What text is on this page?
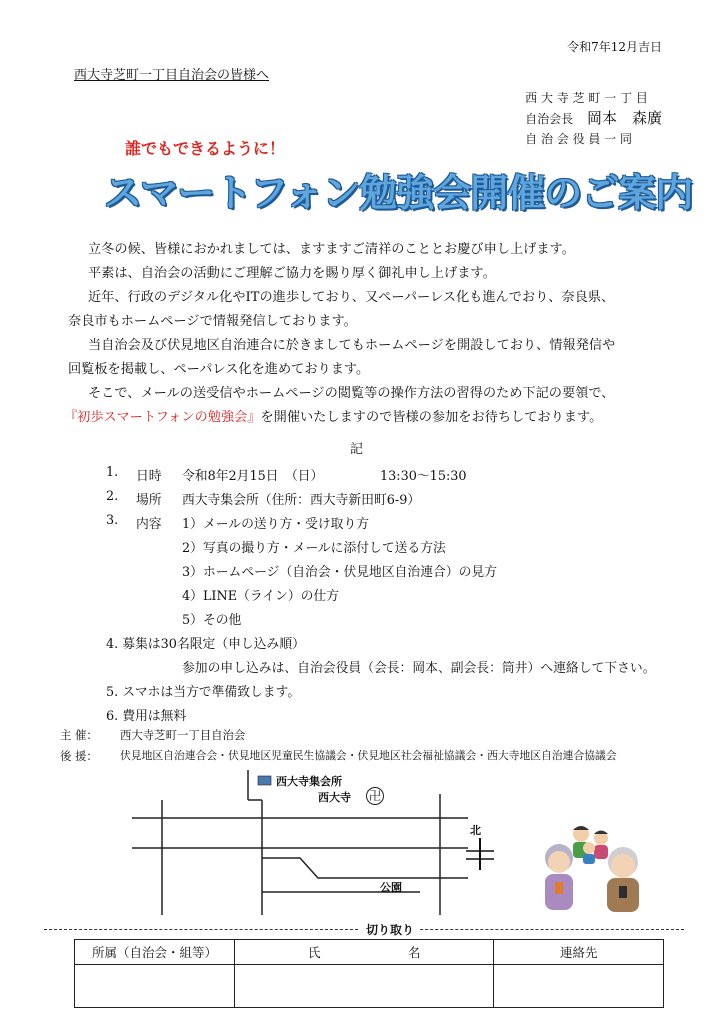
令和7年12月吉日
西大寺芝町一丁目自治会の皆様へ
西 大 寺 芝 町 一 丁 目
自治会長 岡本　森廣
自 治 会 役 員 一 同
誰でもできるように！
スマートフォン勉強会開催のご案内

立冬の候、皆様におかれましては、ますますご清祥のこととお慶び申し上げます。

平素は、自治会の活動にご理解ご協力を賜り厚く御礼申し上げます。

近年、行政のデジタル化やITの進歩しており、又ペーパーレス化も進んでおり、奈良県、

奈良市もホームページで情報発信しております。

当自治会及び伏見地区自治連合に於きましてもホームページを開設しており、情報発信や

回覧板を掲載し、ペーパレス化を進めております。

そこで、メールの送受信やホームページの閲覧等の操作方法の習得のため下記の要領で、

『初歩スマートフォンの勉強会』を開催いたしますので皆様の参加をお待ちしております。

記
1. 日時 令和8年2月15日　（日）	13:30～15:30
2. 場所 西大寺集会所（住所：西大寺新田町6-9）
3. 内容 1）メールの送り方・受け取り方
2）写真の撮り方・メールに添付して送る方法
3）ホームページ（自治会・伏見地区自治連合）の見方
4）LINE（ライン）の仕方
5）その他
4. 募集は30名限定（申し込み順）
参加の申し込みは、自治会役員（会長：岡本、副会長：筒井）へ連絡して下さい。
5. スマホは当方で準備致します。
6. 費用は無料
主 催： 西大寺芝町一丁目自治会
後 援： 伏見地区自治連合会・伏見地区児童民生協議会・伏見地区社会福祉協議会・西大寺地区自治連合協議会
西大寺集会所
西大寺 卍
公園
北
切り取り
所属（自治会・組等）	氏　　　　　　　名	連絡先
